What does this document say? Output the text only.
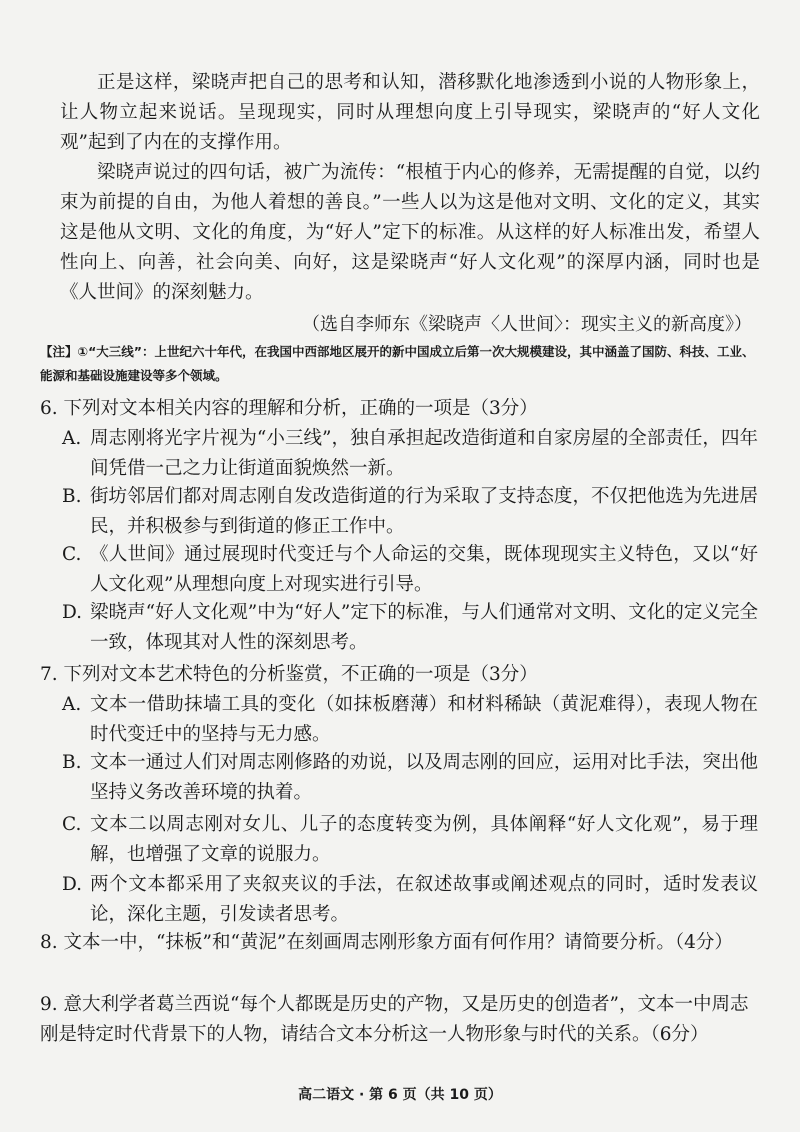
正是这样，梁晓声把自己的思考和认知，潜移默化地渗透到小说的人物形象上，让人物立起来说话。呈现现实，同时从理想向度上引导现实，梁晓声的“好人文化观”起到了内在的支撑作用。

梁晓声说过的四句话，被广为流传：“根植于内心的修养，无需提醒的自觉，以约束为前提的自由，为他人着想的善良。”一些人以为这是他对文明、文化的定义，其实这是他从文明、文化的角度，为“好人”定下的标准。从这样的好人标准出发，希望人性向上、向善，社会向美、向好，这是梁晓声“好人文化观”的深厚内涵，同时也是《人世间》的深刻魅力。

（选自李师东《梁晓声〈人世间〉：现实主义的新高度》）

【注】①“大三线”：上世纪六十年代，在我国中西部地区展开的新中国成立后第一次大规模建设，其中涵盖了国防、科技、工业、能源和基础设施建设等多个领域。

6. 下列对文本相关内容的理解和分析，正确的一项是（3分）

A. 周志刚将光字片视为“小三线”，独自承担起改造街道和自家房屋的全部责任，四年间凭借一己之力让街道面貌焕然一新。
B. 街坊邻居们都对周志刚自发改造街道的行为采取了支持态度，不仅把他选为先进居民，并积极参与到街道的修正工作中。
C. 《人世间》通过展现时代变迁与个人命运的交集，既体现现实主义特色，又以“好人文化观”从理想向度上对现实进行引导。
D. 梁晓声“好人文化观”中为“好人”定下的标准，与人们通常对文明、文化的定义完全一致，体现其对人性的深刻思考。

7. 下列对文本艺术特色的分析鉴赏，不正确的一项是（3分）

A. 文本一借助抹墙工具的变化（如抹板磨薄）和材料稀缺（黄泥难得），表现人物在时代变迁中的坚持与无力感。
B. 文本一通过人们对周志刚修路的劝说，以及周志刚的回应，运用对比手法，突出他坚持义务改善环境的执着。
C. 文本二以周志刚对女儿、儿子的态度转变为例，具体阐释“好人文化观”，易于理解，也增强了文章的说服力。
D. 两个文本都采用了夹叙夹议的手法，在叙述故事或阐述观点的同时，适时发表议论，深化主题，引发读者思考。

8. 文本一中，“抹板”和“黄泥”在刻画周志刚形象方面有何作用？请简要分析。（4分）

9. 意大利学者葛兰西说“每个人都既是历史的产物，又是历史的创造者”，文本一中周志刚是特定时代背景下的人物，请结合文本分析这一人物形象与时代的关系。（6分）

高二语文 · 第 6 页（共 10 页）
